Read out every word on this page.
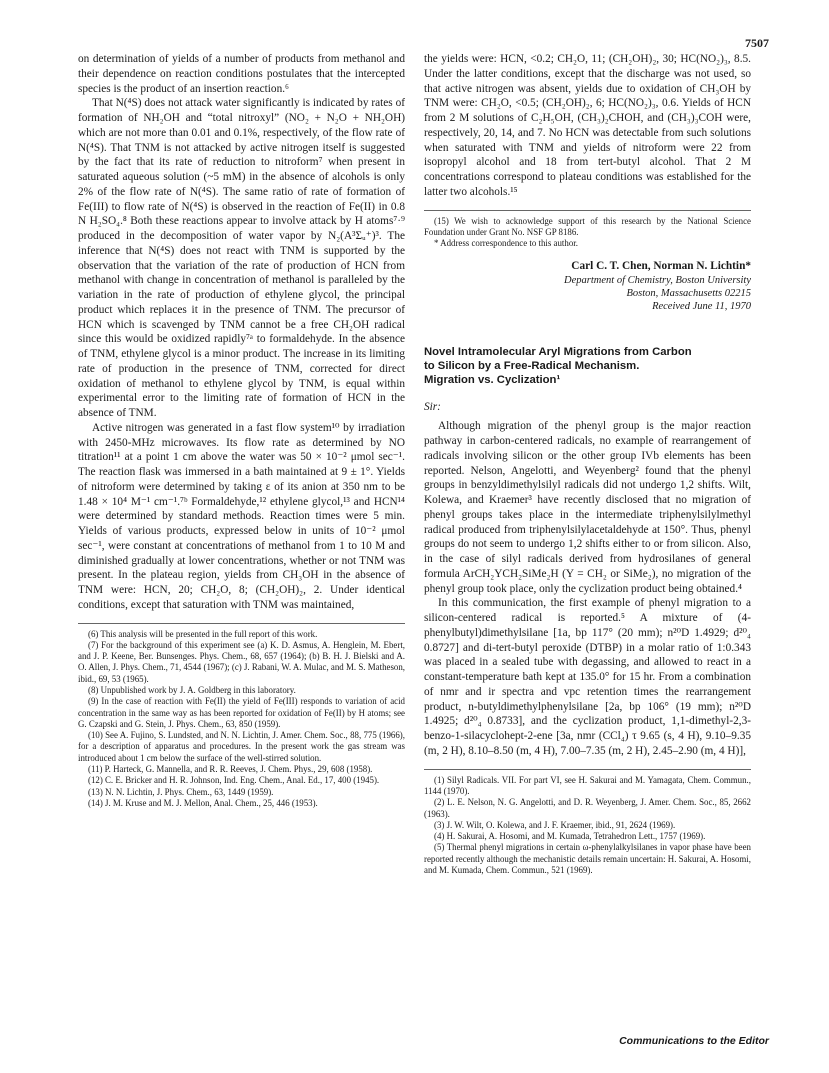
7507

on determination of yields of a number of products from methanol and their dependence on reaction conditions postulates that the intercepted species is the product of an insertion reaction.⁶

That N(⁴S) does not attack water significantly is indicated by rates of formation of NH₂OH and “total nitroxyl” (NO₂ + N₂O + NH₂OH) which are not more than 0.01 and 0.1%, respectively, of the flow rate of N(⁴S). That TNM is not attacked by active nitrogen itself is suggested by the fact that its rate of reduction to nitroform⁷ when present in saturated aqueous solution (~5 mM) in the absence of alcohols is only 2% of the flow rate of N(⁴S). The same ratio of rate of formation of Fe(III) to flow rate of N(⁴S) is observed in the reaction of Fe(II) in 0.8 N H₂SO₄.⁸ Both these reactions appear to involve attack by H atoms⁷·⁹ produced in the decomposition of water vapor by N₂(A³Σᵤ⁺)³. The inference that N(⁴S) does not react with TNM is supported by the observation that the variation of the rate of production of HCN from methanol with change in concentration of methanol is paralleled by the variation in the rate of production of ethylene glycol, the principal product which replaces it in the presence of TNM. The precursor of HCN which is scavenged by TNM cannot be a free CH₂OH radical since this would be oxidized rapidly⁷ᵃ to formaldehyde. In the absence of TNM, ethylene glycol is a minor product. The increase in its limiting rate of production in the presence of TNM, corrected for direct oxidation of methanol to ethylene glycol by TNM, is equal within experimental error to the limiting rate of formation of HCN in the absence of TNM.

Active nitrogen was generated in a fast flow system¹⁰ by irradiation with 2450-MHz microwaves. Its flow rate as determined by NO titration¹¹ at a point 1 cm above the water was 50 × 10⁻² μmol sec⁻¹. The reaction flask was immersed in a bath maintained at 9 ± 1°. Yields of nitroform were determined by taking ε of its anion at 350 nm to be 1.48 × 10⁴ M⁻¹ cm⁻¹.⁷ᵇ Formaldehyde,¹² ethylene glycol,¹³ and HCN¹⁴ were determined by standard methods. Reaction times were 5 min. Yields of various products, expressed below in units of 10⁻² μmol sec⁻¹, were constant at concentrations of methanol from 1 to 10 M and diminished gradually at lower concentrations, whether or not TNM was present. In the plateau region, yields from CH₃OH in the absence of TNM were: HCN, 20; CH₂O, 8; (CH₂OH)₂, 2. Under identical conditions, except that saturation with TNM was maintained,

(6) This analysis will be presented in the full report of this work.

(7) For the background of this experiment see (a) K. D. Asmus, A. Henglein, M. Ebert, and J. P. Keene, Ber. Bunsenges. Phys. Chem., 68, 657 (1964); (b) B. H. J. Bielski and A. O. Allen, J. Phys. Chem., 71, 4544 (1967); (c) J. Rabani, W. A. Mulac, and M. S. Matheson, ibid., 69, 53 (1965).

(8) Unpublished work by J. A. Goldberg in this laboratory.

(9) In the case of reaction with Fe(II) the yield of Fe(III) responds to variation of acid concentration in the same way as has been reported for oxidation of Fe(II) by H atoms; see G. Czapski and G. Stein, J. Phys. Chem., 63, 850 (1959).

(10) See A. Fujino, S. Lundsted, and N. N. Lichtin, J. Amer. Chem. Soc., 88, 775 (1966), for a description of apparatus and procedures. In the present work the gas stream was introduced about 1 cm below the surface of the well-stirred solution.

(11) P. Harteck, G. Mannella, and R. R. Reeves, J. Chem. Phys., 29, 608 (1958).

(12) C. E. Bricker and H. R. Johnson, Ind. Eng. Chem., Anal. Ed., 17, 400 (1945).

(13) N. N. Lichtin, J. Phys. Chem., 63, 1449 (1959).

(14) J. M. Kruse and M. J. Mellon, Anal. Chem., 25, 446 (1953).

the yields were: HCN, <0.2; CH₂O, 11; (CH₂OH)₂, 30; HC(NO₂)₃, 8.5. Under the latter conditions, except that the discharge was not used, so that active nitrogen was absent, yields due to oxidation of CH₃OH by TNM were: CH₂O, <0.5; (CH₂OH)₂, 6; HC(NO₂)₃, 0.6. Yields of HCN from 2 M solutions of C₂H₅OH, (CH₃)₂CHOH, and (CH₃)₃COH were, respectively, 20, 14, and 7. No HCN was detectable from such solutions when saturated with TNM and yields of nitroform were 22 from isopropyl alcohol and 18 from tert-butyl alcohol. That 2 M concentrations correspond to plateau conditions was established for the latter two alcohols.¹⁵

(15) We wish to acknowledge support of this research by the National Science Foundation under Grant No. NSF GP 8186.

* Address correspondence to this author.

Carl C. T. Chen, Norman N. Lichtin*
Department of Chemistry, Boston University
Boston, Massachusetts 02215
Received June 11, 1970
Novel Intramolecular Aryl Migrations from Carbon
to Silicon by a Free-Radical Mechanism.
Migration vs. Cyclization¹
Sir:

Although migration of the phenyl group is the major reaction pathway in carbon-centered radicals, no example of rearrangement of radicals involving silicon or the other group IVb elements has been reported. Nelson, Angelotti, and Weyenberg² found that the phenyl groups in benzyldimethylsilyl radicals did not undergo 1,2 shifts. Wilt, Kolewa, and Kraemer³ have recently disclosed that no migration of phenyl groups takes place in the intermediate triphenylsilylmethyl radical produced from triphenylsilylacetaldehyde at 150°. Thus, phenyl groups do not seem to undergo 1,2 shifts either to or from silicon. Also, in the case of silyl radicals derived from hydrosilanes of general formula ArCH₂YCH₂SiMe₂H (Y = CH₂ or SiMe₂), no migration of the phenyl group took place, only the cyclization product being obtained.⁴

In this communication, the first example of phenyl migration to a silicon-centered radical is reported.⁵ A mixture of (4-phenylbutyl)dimethylsilane [1a, bp 117° (20 mm); n²⁰D 1.4929; d²⁰₄ 0.8727] and di-tert-butyl peroxide (DTBP) in a molar ratio of 1:0.343 was placed in a sealed tube with degassing, and allowed to react in a constant-temperature bath kept at 135.0° for 15 hr. From a combination of nmr and ir spectra and vpc retention times the rearrangement product, n-butyldimethylphenylsilane [2a, bp 106° (19 mm); n²⁰D 1.4925; d²⁰₄ 0.8733], and the cyclization product, 1,1-dimethyl-2,3-benzo-1-silacyclohept-2-ene [3a, nmr (CCl₄) τ 9.65 (s, 4 H), 9.10–9.35 (m, 2 H), 8.10–8.50 (m, 4 H), 7.00–7.35 (m, 2 H), 2.45–2.90 (m, 4 H)],

(1) Silyl Radicals. VII. For part VI, see H. Sakurai and M. Yamagata, Chem. Commun., 1144 (1970).

(2) L. E. Nelson, N. G. Angelotti, and D. R. Weyenberg, J. Amer. Chem. Soc., 85, 2662 (1963).

(3) J. W. Wilt, O. Kolewa, and J. F. Kraemer, ibid., 91, 2624 (1969).

(4) H. Sakurai, A. Hosomi, and M. Kumada, Tetrahedron Lett., 1757 (1969).

(5) Thermal phenyl migrations in certain ω-phenylalkylsilanes in vapor phase have been reported recently although the mechanistic details remain uncertain: H. Sakurai, A. Hosomi, and M. Kumada, Chem. Commun., 521 (1969).

Communications to the Editor
